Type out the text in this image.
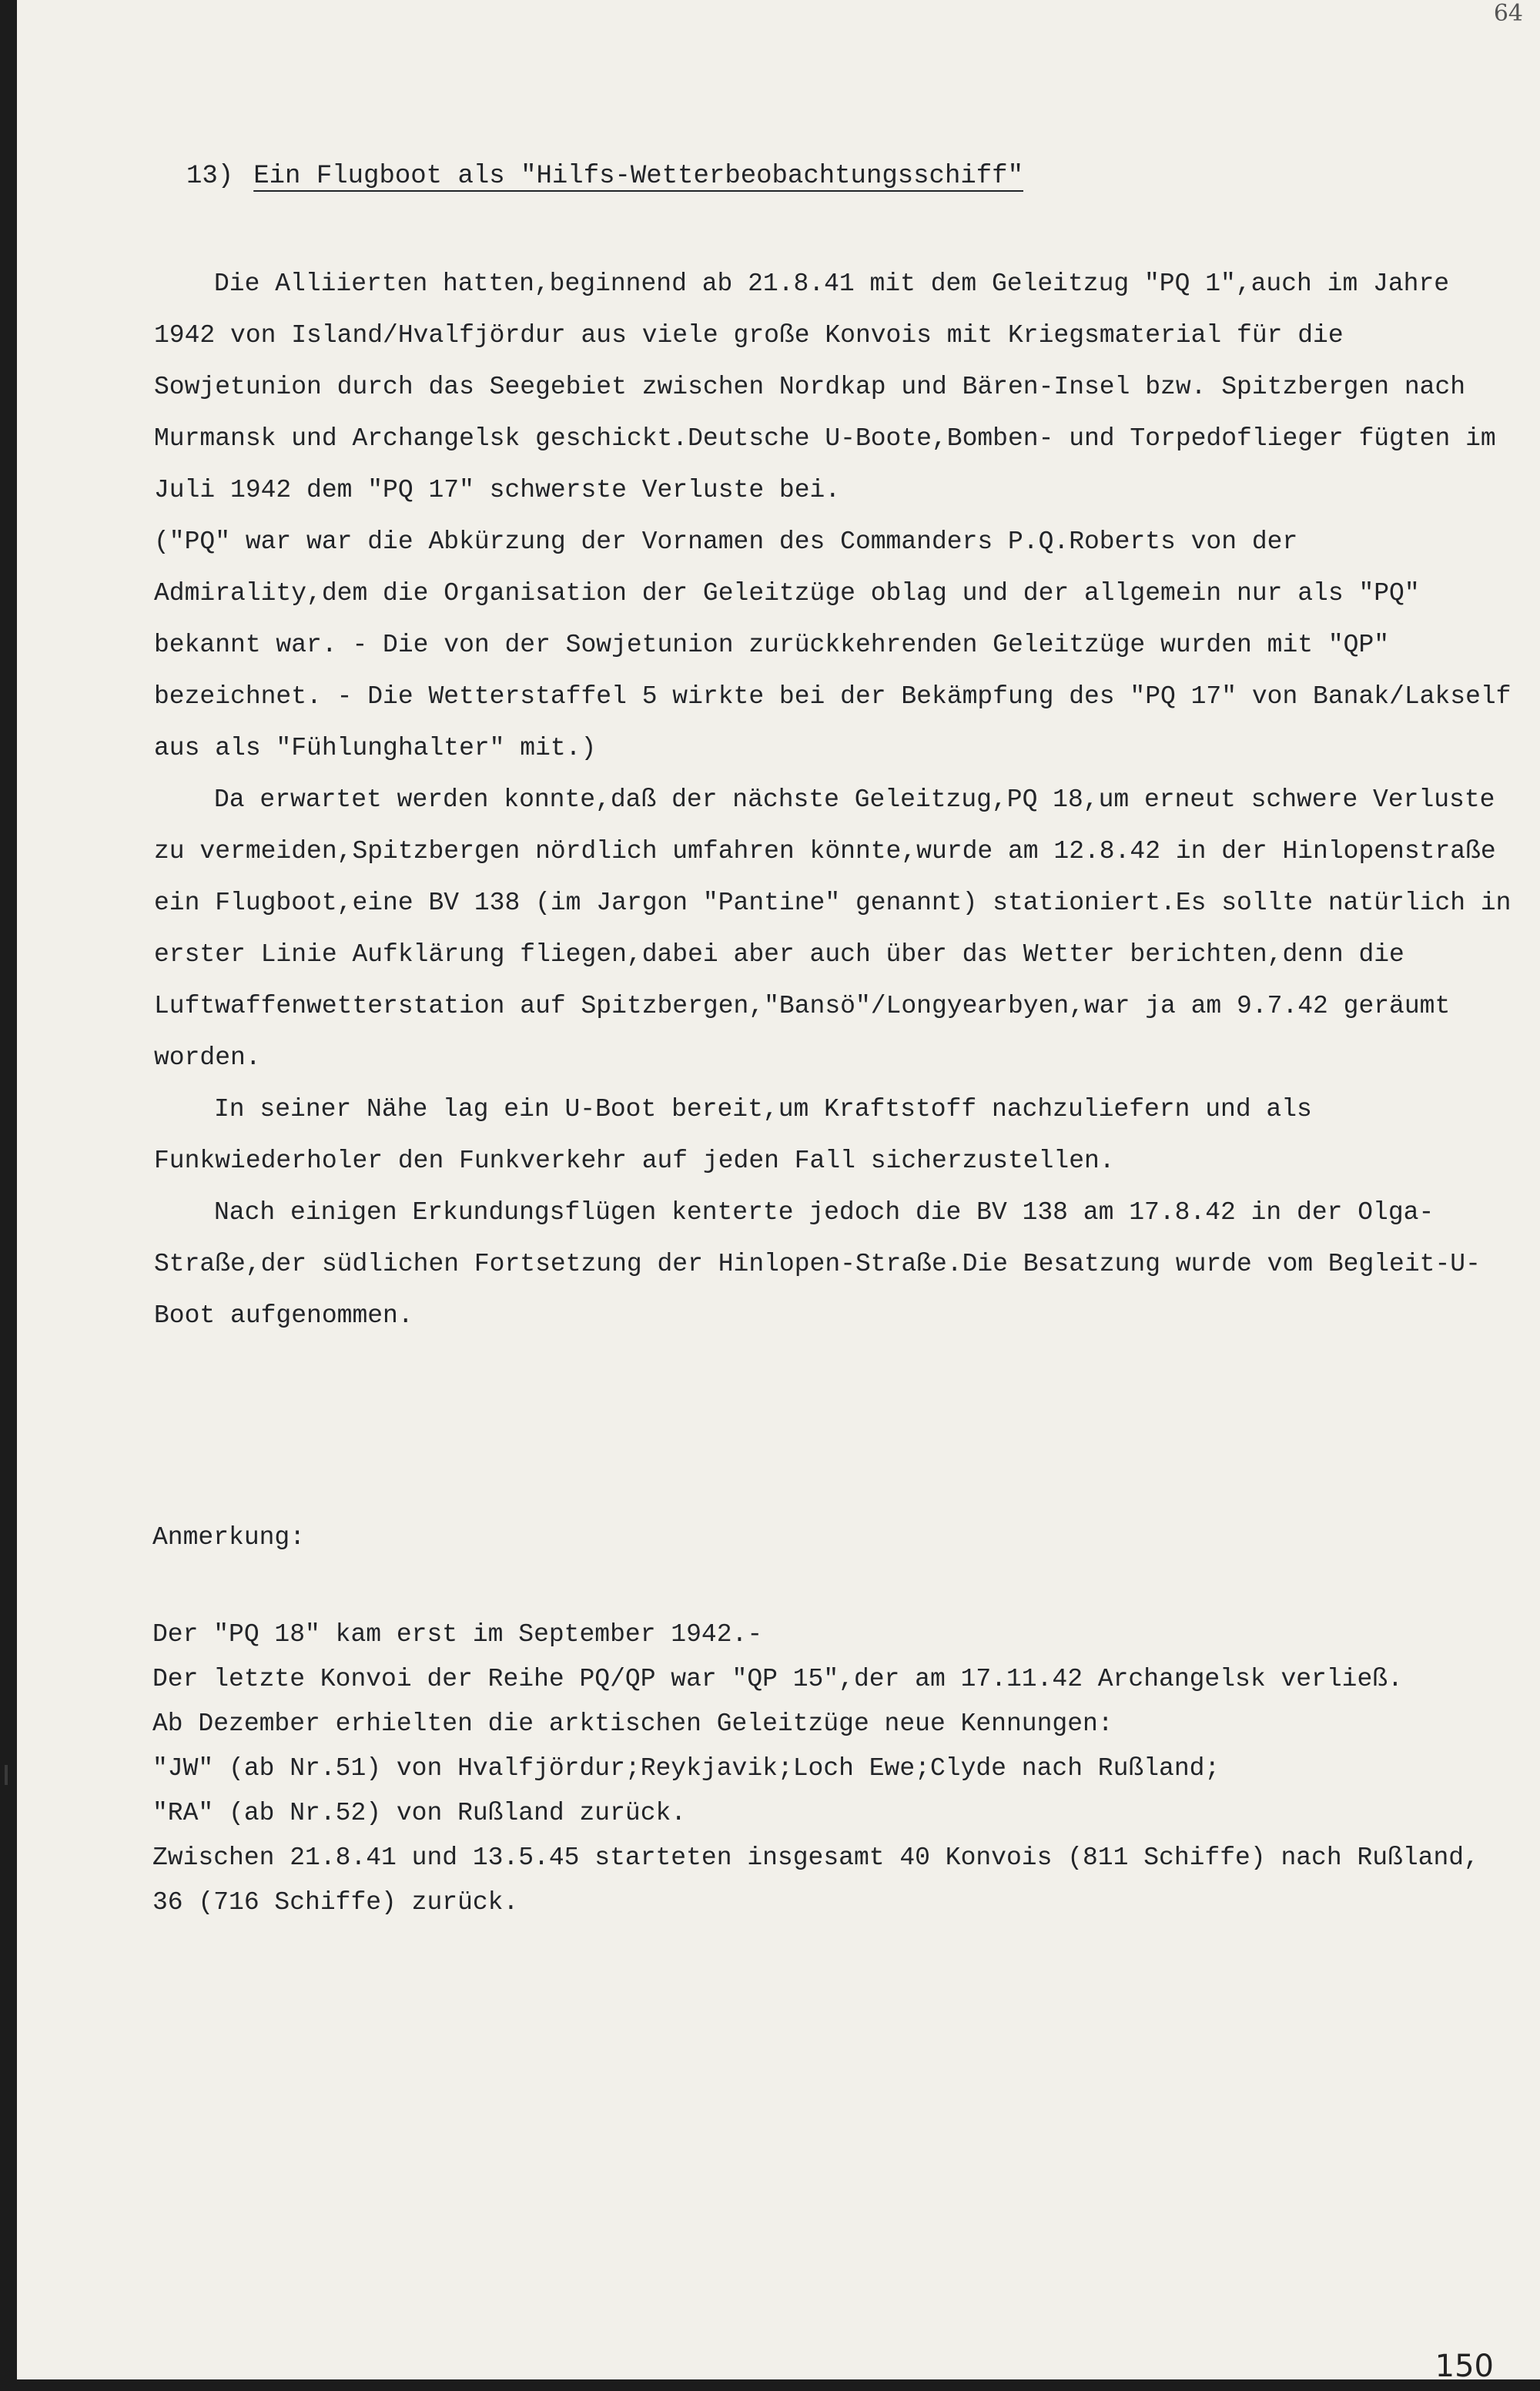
64
13) Ein Flugboot als "Hilfs-Wetterbeobachtungsschiff"

Die Alliierten hatten,beginnend ab 21.8.41 mit dem Geleitzug "PQ 1",auch im Jahre 1942 von Island/Hvalfjördur aus viele große Konvois mit Kriegsmaterial für die Sowjetunion durch das Seegebiet zwischen Nordkap und Bären-Insel bzw. Spitzbergen nach Murmansk und Archangelsk geschickt.Deutsche U-Boote,Bomben- und Torpedoflieger fügten im Juli 1942 dem "PQ 17" schwerste Verluste bei.

("PQ" war war die Abkürzung der Vornamen des Commanders P.Q.Roberts von der Admirality,dem die Organisation der Geleitzüge oblag und der allgemein nur als "PQ" bekannt war. - Die von der Sowjetunion zurückkehrenden Geleitzüge wurden mit "QP" bezeichnet. - Die Wetterstaffel 5 wirkte bei der Bekämpfung des "PQ 17" von Banak/Lakself aus als "Fühlunghalter" mit.)

Da erwartet werden konnte,daß der nächste Geleitzug,PQ 18,um erneut schwere Verluste zu vermeiden,Spitzbergen nördlich umfahren könnte,wurde am 12.8.42 in der Hinlopenstraße ein Flugboot,eine BV 138 (im Jargon "Pantine" genannt) stationiert.Es sollte natürlich in erster Linie Aufklärung fliegen,dabei aber auch über das Wetter berichten,denn die Luftwaffenwetterstation auf Spitzbergen,"Bansö"/Longyearbyen,war ja am 9.7.42 geräumt worden.

In seiner Nähe lag ein U-Boot bereit,um Kraftstoff nachzuliefern und als Funkwiederholer den Funkverkehr auf jeden Fall sicherzustellen.

Nach einigen Erkundungsflügen kenterte jedoch die BV 138 am 17.8.42 in der Olga-Straße,der südlichen Fortsetzung der Hinlopen-Straße.Die Besatzung wurde vom Begleit-U-Boot aufgenommen.

Anmerkung:

Der "PQ 18" kam erst im September 1942.-
Der letzte Konvoi der Reihe PQ/QP war "QP 15",der am 17.11.42 Archangelsk verließ.
Ab Dezember erhielten die arktischen Geleitzüge neue Kennungen:
"JW" (ab Nr.51) von Hvalfjördur;Reykjavik;Loch Ewe;Clyde nach Rußland;
"RA" (ab Nr.52) von Rußland zurück.
Zwischen 21.8.41 und 13.5.45 starteten insgesamt 40 Konvois (811 Schiffe) nach Rußland, 36 (716 Schiffe) zurück.

150
